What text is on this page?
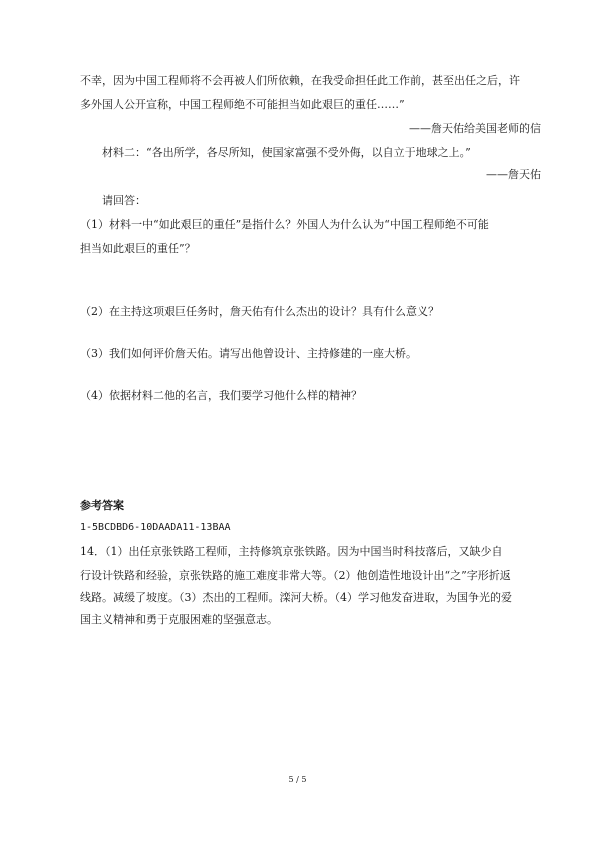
不幸，因为中国工程师将不会再被人们所依赖，在我受命担任此工作前，甚至出任之后，许
多外国人公开宣称，中国工程师绝不可能担当如此艰巨的重任……”
——詹天佑给美国老师的信
材料二：“各出所学，各尽所知，使国家富强不受外侮，以自立于地球之上。”
——詹天佑
请回答：
（1）材料一中“如此艰巨的重任”是指什么？外国人为什么认为“中国工程师绝不可能
担当如此艰巨的重任”？
（2）在主持这项艰巨任务时，詹天佑有什么杰出的设计？具有什么意义？
（3）我们如何评价詹天佑。请写出他曾设计、主持修建的一座大桥。
（4）依据材料二他的名言，我们要学习他什么样的精神？
参考答案
1-5BCDBD6-10DAADA11-13BAA
14．（1）出任京张铁路工程师，主持修筑京张铁路。因为中国当时科技落后，又缺少自
行设计铁路和经验，京张铁路的施工难度非常大等。（2）他创造性地设计出“之”字形折返
线路。减缓了坡度。（3）杰出的工程师。滦河大桥。（4）学习他发奋进取，为国争光的爱
国主义精神和勇于克服困难的坚强意志。
5 / 5
